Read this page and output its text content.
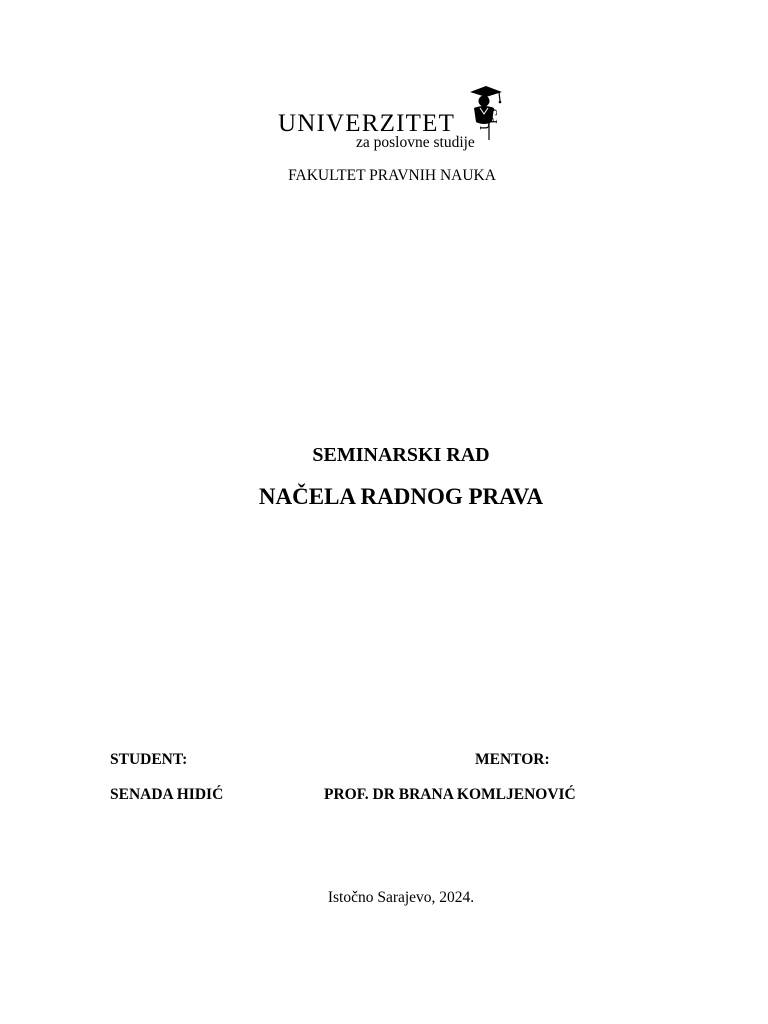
UNIVERZITET
za poslovne studije
U
PS
FAKULTET PRAVNIH NAUKA
SEMINARSKI RAD
NAČELA RADNOG PRAVA
STUDENT:	MENTOR:
SENADA HIDIĆ	PROF. DR BRANA KOMLJENOVIĆ
Istočno Sarajevo, 2024.
